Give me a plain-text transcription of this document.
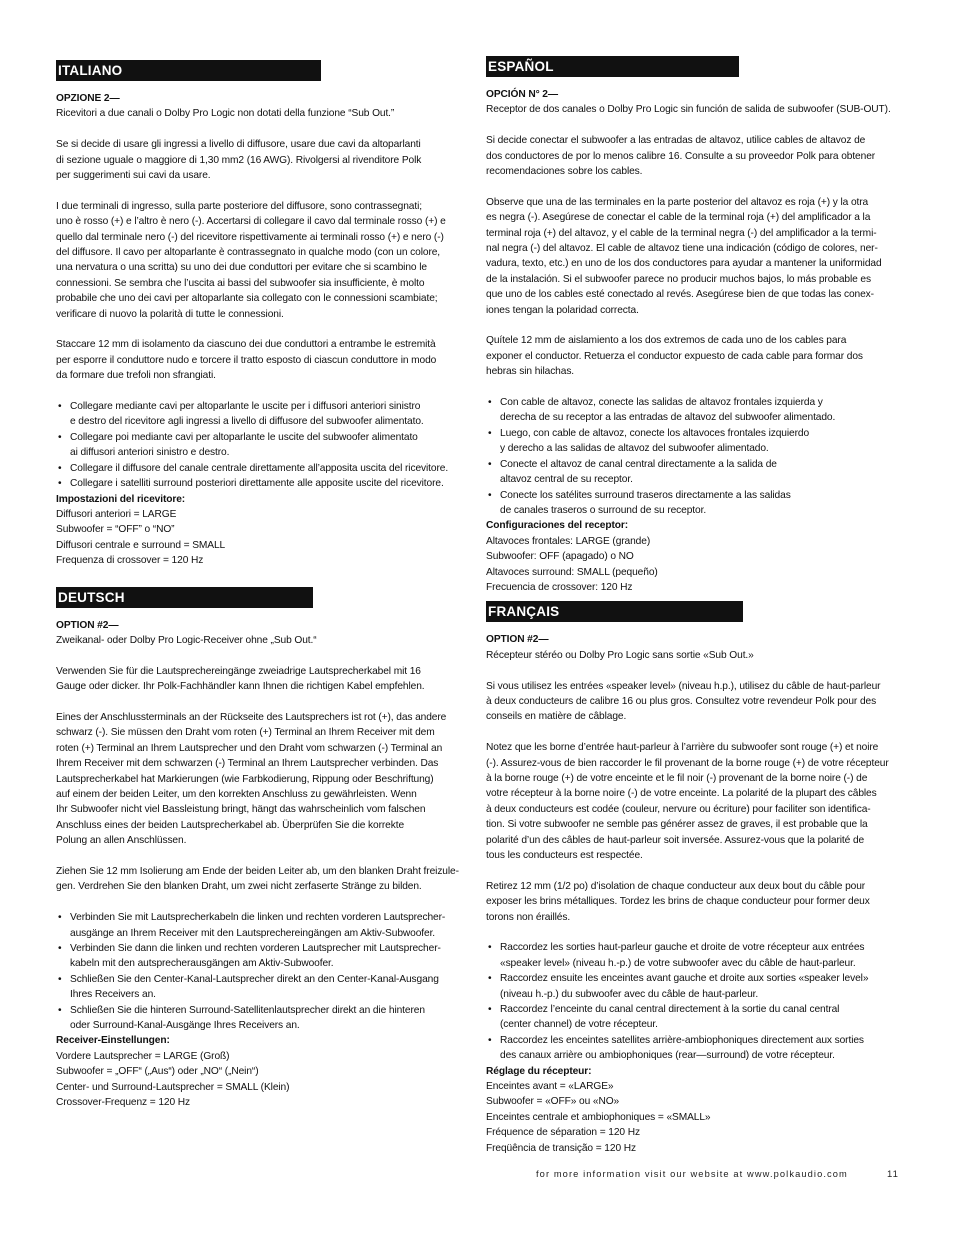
ITALIANO
OPZIONE 2—
Ricevitori a due canali o Dolby Pro Logic non dotati della funzione “Sub Out.”
Se si decide di usare gli ingressi a livello di diffusore, usare due cavi da altoparlanti
di sezione uguale o maggiore di 1,30 mm2 (16 AWG). Rivolgersi al rivenditore Polk
per suggerimenti sui cavi da usare.
I due terminali di ingresso, sulla parte posteriore del diffusore, sono contrassegnati;
uno è rosso (+) e l’altro è nero (-). Accertarsi di collegare il cavo dal terminale rosso (+) e
quello dal terminale nero (-) del ricevitore rispettivamente ai terminali rosso (+) e nero (-)
del diffusore. Il cavo per altoparlante è contrassegnato in qualche modo (con un colore,
una nervatura o una scritta) su uno dei due conduttori per evitare che si scambino le
connessioni. Se sembra che l’uscita ai bassi del subwoofer sia insufficiente, è molto
probabile che uno dei cavi per altoparlante sia collegato con le connessioni scambiate;
verificare di nuovo la polarità di tutte le connessioni.
Staccare 12 mm di isolamento da ciascuno dei due conduttori a entrambe le estremità
per esporre il conduttore nudo e torcere il tratto esposto di ciascun conduttore in modo
da formare due trefoli non sfrangiati.
• Collegare mediante cavi per altoparlante le uscite per i diffusori anteriori sinistro
e destro del ricevitore agli ingressi a livello di diffusore del subwoofer alimentato.
• Collegare poi mediante cavi per altoparlante le uscite del subwoofer alimentato
ai diffusori anteriori sinistro e destro.
• Collegare il diffusore del canale centrale direttamente all’apposita uscita del ricevitore.
• Collegare i satelliti surround posteriori direttamente alle apposite uscite del ricevitore.
Impostazioni del ricevitore:
Diffusori anteriori = LARGE
Subwoofer = “OFF” o “NO”
Diffusori centrale e surround = SMALL
Frequenza di crossover = 120 Hz
DEUTSCH
OPTION #2—
Zweikanal- oder Dolby Pro Logic-Receiver ohne „Sub Out.“
Verwenden Sie für die Lautsprechereingänge zweiadrige Lautsprecherkabel mit 16
Gauge oder dicker. Ihr Polk-Fachhändler kann Ihnen die richtigen Kabel empfehlen.
Eines der Anschlussterminals an der Rückseite des Lautsprechers ist rot (+), das andere
schwarz (-). Sie müssen den Draht vom roten (+) Terminal an Ihrem Receiver mit dem
roten (+) Terminal an Ihrem Lautsprecher und den Draht vom schwarzen (-) Terminal an
Ihrem Receiver mit dem schwarzen (-) Terminal an Ihrem Lautsprecher verbinden. Das
Lautsprecherkabel hat Markierungen (wie Farbkodierung, Rippung oder Beschriftung)
auf einem der beiden Leiter, um den korrekten Anschluss zu gewährleisten. Wenn
Ihr Subwoofer nicht viel Bassleistung bringt, hängt das wahrscheinlich vom falschen
Anschluss eines der beiden Lautsprecherkabel ab. Überprüfen Sie die korrekte
Polung an allen Anschlüssen.
Ziehen Sie 12 mm Isolierung am Ende der beiden Leiter ab, um den blanken Draht freizule-
gen. Verdrehen Sie den blanken Draht, um zwei nicht zerfaserte Stränge zu bilden.
• Verbinden Sie mit Lautsprecherkabeln die linken und rechten vorderen Lautsprecher-
ausgänge an Ihrem Receiver mit den Lautsprechereingängen am Aktiv-Subwoofer.
• Verbinden Sie dann die linken und rechten vorderen Lautsprecher mit Lautsprecher-
kabeln mit den autsprecherausgängen am Aktiv-Subwoofer.
• Schließen Sie den Center-Kanal-Lautsprecher direkt an den Center-Kanal-Ausgang
Ihres Receivers an.
• Schließen Sie die hinteren Surround-Satellitenlautsprecher direkt an die hinteren
oder Surround-Kanal-Ausgänge Ihres Receivers an.
Receiver-Einstellungen:
Vordere Lautsprecher = LARGE (Groß)
Subwoofer = „OFF“ („Aus“) oder „NO“ („Nein“)
Center- und Surround-Lautsprecher = SMALL (Klein)
Crossover-Frequenz = 120 Hz
ESPAÑOL
OPCIÓN N° 2—
Receptor de dos canales o Dolby Pro Logic sin función de salida de subwoofer (SUB-OUT).
Si decide conectar el subwoofer a las entradas de altavoz, utilice cables de altavoz de
dos conductores de por lo menos calibre 16. Consulte a su proveedor Polk para obtener
recomendaciones sobre los cables.
Observe que una de las terminales en la parte posterior del altavoz es roja (+) y la otra
es negra (-). Asegúrese de conectar el cable de la terminal roja (+) del amplificador a la
terminal roja (+) del altavoz, y el cable de la terminal negra (-) del amplificador a la termi-
nal negra (-) del altavoz. El cable de altavoz tiene una indicación (código de colores, ner-
vadura, texto, etc.) en uno de los dos conductores para ayudar a mantener la uniformidad
de la instalación. Si el subwoofer parece no producir muchos bajos, lo más probable es
que uno de los cables esté conectado al revés. Asegúrese bien de que todas las conex-
iones tengan la polaridad correcta.
Quítele 12 mm de aislamiento a los dos extremos de cada uno de los cables para
exponer el conductor. Retuerza el conductor expuesto de cada cable para formar dos
hebras sin hilachas.
• Con cable de altavoz, conecte las salidas de altavoz frontales izquierda y
derecha de su receptor a las entradas de altavoz del subwoofer alimentado.
• Luego, con cable de altavoz, conecte los altavoces frontales izquierdo
y derecho a las salidas de altavoz del subwoofer alimentado.
• Conecte el altavoz de canal central directamente a la salida de
altavoz central de su receptor.
• Conecte los satélites surround traseros directamente a las salidas
de canales traseros o surround de su receptor.
Configuraciones del receptor:
Altavoces frontales: LARGE (grande)
Subwoofer: OFF (apagado) o NO
Altavoces surround: SMALL (pequeño)
Frecuencia de crossover: 120 Hz
FRANÇAIS
OPTION #2—
Récepteur stéréo ou Dolby Pro Logic sans sortie «Sub Out.»
Si vous utilisez les entrées «speaker level» (niveau h.p.), utilisez du câble de haut-parleur
à deux conducteurs de calibre 16 ou plus gros. Consultez votre revendeur Polk pour des
conseils en matière de câblage.
Notez que les borne d’entrée haut-parleur à l’arrière du subwoofer sont rouge (+) et noire
(-). Assurez-vous de bien raccorder le fil provenant de la borne rouge (+) de votre récepteur
à la borne rouge (+) de votre enceinte et le fil noir (-) provenant de la borne noire (-) de
votre récepteur à la borne noire (-) de votre enceinte. La polarité de la plupart des câbles
à deux conducteurs est codée (couleur, nervure ou écriture) pour faciliter son identifica-
tion. Si votre subwoofer ne semble pas générer assez de graves, il est probable que la
polarité d’un des câbles de haut-parleur soit inversée. Assurez-vous que la polarité de
tous les conducteurs est respectée.
Retirez 12 mm (1/2 po) d’isolation de chaque conducteur aux deux bout du câble pour
exposer les brins métalliques. Tordez les brins de chaque conducteur pour former deux
torons non éraillés.
• Raccordez les sorties haut-parleur gauche et droite de votre récepteur aux entrées
«speaker level» (niveau h.-p.) de votre subwoofer avec du câble de haut-parleur.
• Raccordez ensuite les enceintes avant gauche et droite aux sorties «speaker level»
(niveau h.-p.) du subwoofer avec du câble de haut-parleur.
• Raccordez l’enceinte du canal central directement à la sortie du canal central
(center channel) de votre récepteur.
• Raccordez les enceintes satellites arrière-ambiophoniques directement aux sorties
des canaux arrière ou ambiophoniques (rear—surround) de votre récepteur.
Réglage du récepteur:
Enceintes avant = «LARGE»
Subwoofer = «OFF» ou «NO»
Enceintes centrale et ambiophoniques = «SMALL»
Fréquence de séparation = 120 Hz
Freqüência de transição = 120 Hz
for more information visit our website at www.polkaudio.com	11
